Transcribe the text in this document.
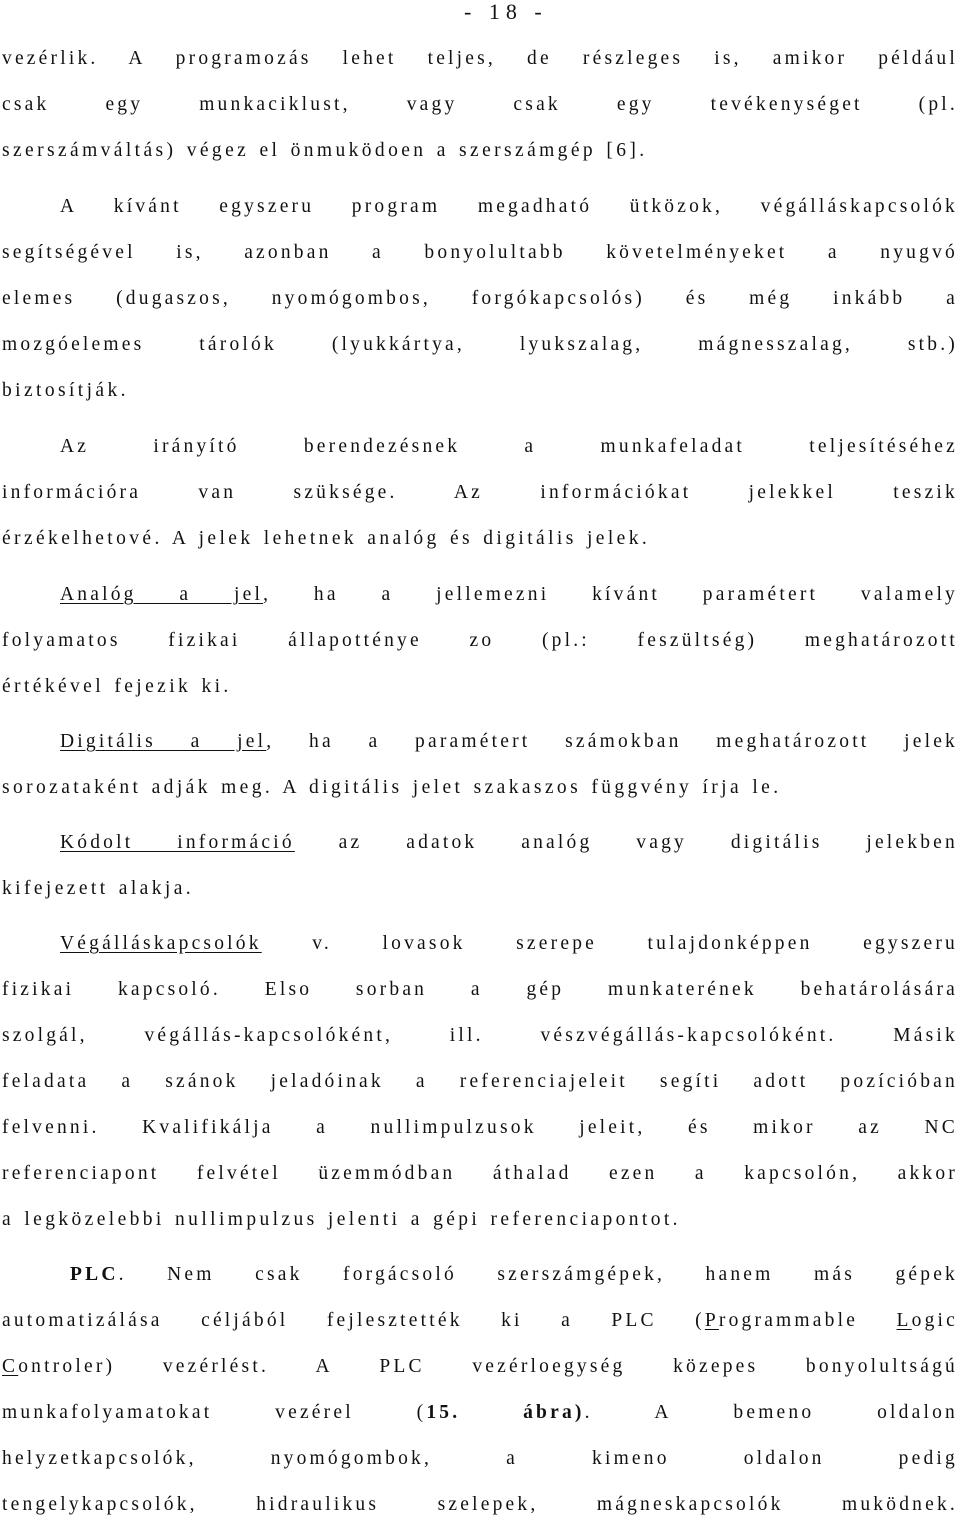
- 18 -
vezérlik. A programozás lehet teljes, de részleges is, amikor például
csak egy munkaciklust, vagy csak egy tevékenységet (pl.
szerszámváltás) végez el önmuködoen a szerszámgép [6].
A kívánt egyszeru program megadható ütközok, végálláskapcsolók
segítségével is, azonban a bonyolultabb követelményeket a nyugvó
elemes (dugaszos, nyomógombos, forgókapcsolós) és még inkább a
mozgóelemes tárolók (lyukkártya, lyukszalag, mágnesszalag, stb.)
biztosítják.
Az irányító berendezésnek a munkafeladat teljesítéséhez
információra van szüksége. Az információkat jelekkel teszik
érzékelhetové. A jelek lehetnek analóg és digitális jelek.
Analóg a jel, ha a jellemezni kívánt paramétert valamely
folyamatos fizikai állapotténye zo (pl.: feszültség) meghatározott
értékével fejezik ki.
Digitális a jel, ha a paramétert számokban meghatározott jelek
sorozataként adják meg. A digitális jelet szakaszos függvény írja le.
Kódolt információ az adatok analóg vagy digitális jelekben
kifejezett alakja.
Végálláskapcsolók v. lovasok szerepe tulajdonképpen egyszeru
fizikai kapcsoló. Elso sorban a gép munkaterének behatárolására
szolgál, végállás-kapcsolóként, ill. vészvégállás-kapcsolóként. Másik
feladata a szánok jeladóinak a referenciajeleit segíti adott pozícióban
felvenni. Kvalifikálja a nullimpulzusok jeleit, és mikor az NC
referenciapont felvétel üzemmódban áthalad ezen a kapcsolón, akkor
a legközelebbi nullimpulzus jelenti a gépi referenciapontot.
PLC. Nem csak forgácsoló szerszámgépek, hanem más gépek
automatizálása céljából fejlesztették ki a PLC (Programmable Logic
Controler) vezérlést. A PLC vezérloegység közepes bonyolultságú
munkafolyamatokat vezérel (15. ábra). A bemeno oldalon
helyzetkapcsolók, nyomógombok, a kimeno oldalon pedig
tengelykapcsolók, hidraulikus szelepek, mágneskapcsolók muködnek.
